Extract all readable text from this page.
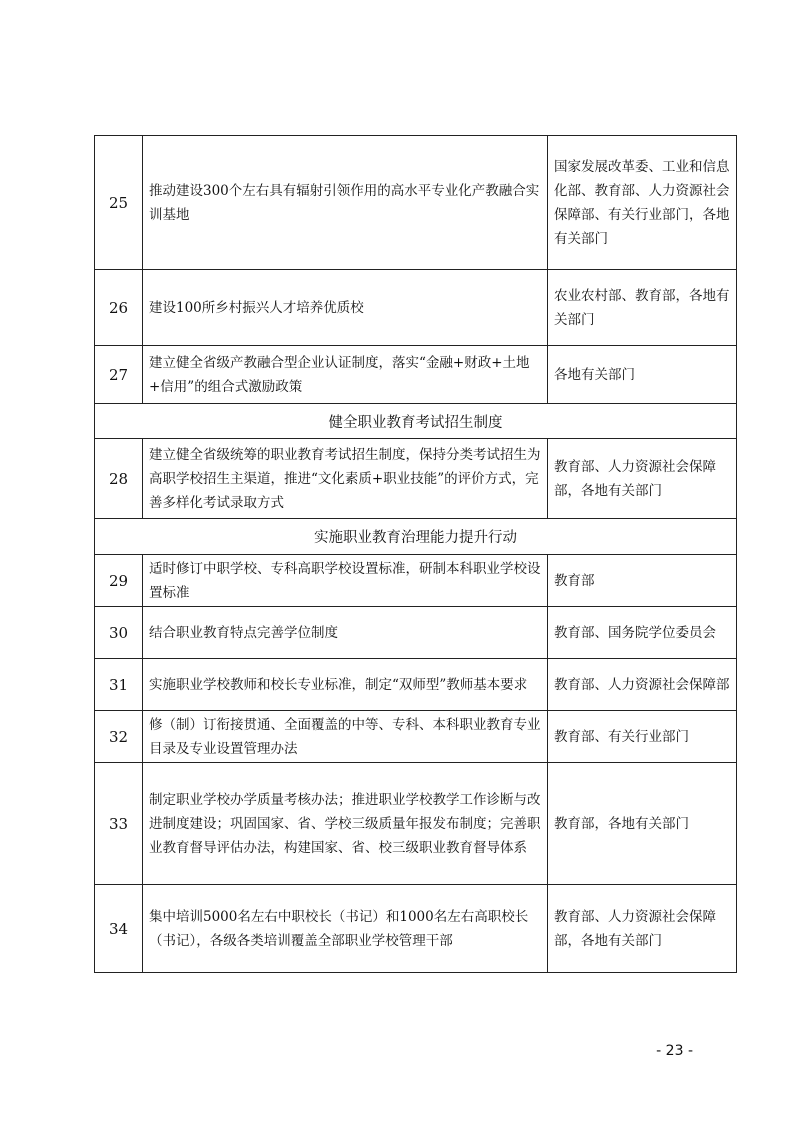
25	推动建设300个左右具有辐射引领作用的高水平专业化产教融合实训基地	国家发展改革委、工业和信息化部、教育部、人力资源社会保障部、有关行业部门，各地有关部门
26	建设100所乡村振兴人才培养优质校	农业农村部、教育部，各地有关部门
27	建立健全省级产教融合型企业认证制度，落实“金融+财政+土地+信用”的组合式激励政策	各地有关部门
健全职业教育考试招生制度		
28	建立健全省级统筹的职业教育考试招生制度，保持分类考试招生为高职学校招生主渠道，推进“文化素质+职业技能”的评价方式，完善多样化考试录取方式	教育部、人力资源社会保障部，各地有关部门
实施职业教育治理能力提升行动		
29	适时修订中职学校、专科高职学校设置标准，研制本科职业学校设置标准	教育部
30	结合职业教育特点完善学位制度	教育部、国务院学位委员会
31	实施职业学校教师和校长专业标准，制定“双师型”教师基本要求	教育部、人力资源社会保障部
32	修（制）订衔接贯通、全面覆盖的中等、专科、本科职业教育专业目录及专业设置管理办法	教育部、有关行业部门
33	制定职业学校办学质量考核办法；推进职业学校教学工作诊断与改进制度建设；巩固国家、省、学校三级质量年报发布制度；完善职业教育督导评估办法，构建国家、省、校三级职业教育督导体系	教育部，各地有关部门
34	集中培训5000名左右中职校长（书记）和1000名左右高职校长（书记），各级各类培训覆盖全部职业学校管理干部	教育部、人力资源社会保障部，各地有关部门
- 23 -
